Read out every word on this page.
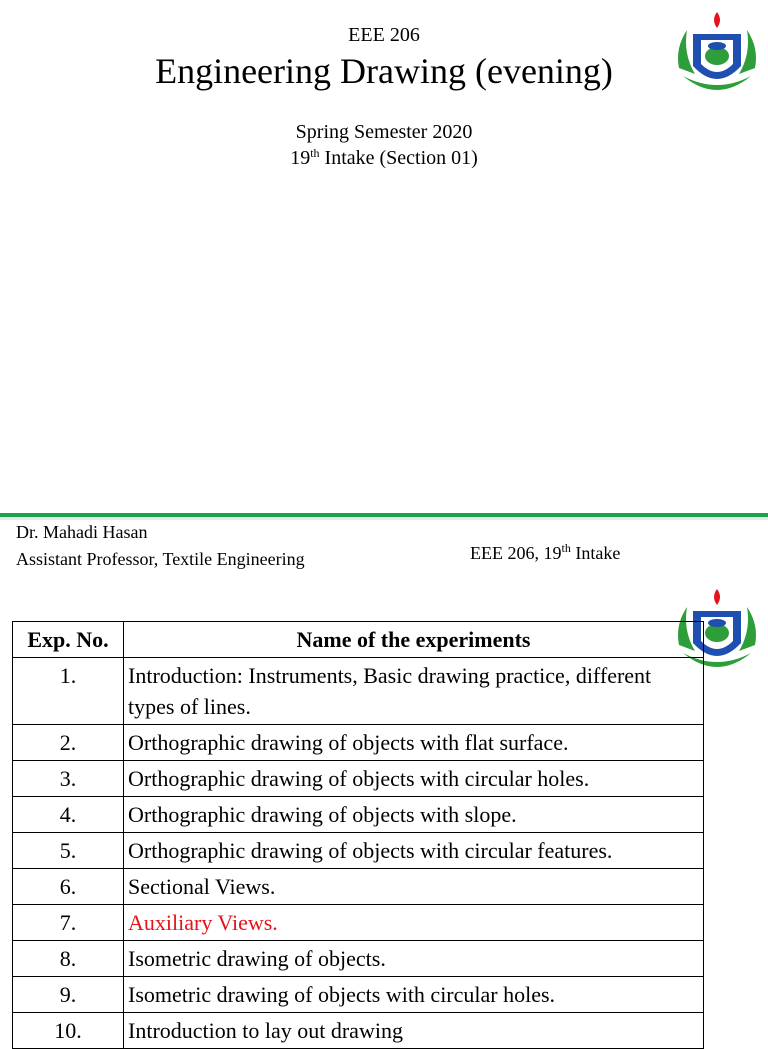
EEE 206
Engineering Drawing (evening)
Spring Semester 2020
19th Intake (Section 01)
Dr. Mahadi Hasan
Assistant Professor, Textile Engineering	EEE 206, 19th Intake
Exp. No.	Name of the experiments
1.	Introduction: Instruments, Basic drawing practice, different types of lines.
2.	Orthographic drawing of objects with flat surface.
3.	Orthographic drawing of objects with circular holes.
4.	Orthographic drawing of objects with slope.
5.	Orthographic drawing of objects with circular features.
6.	Sectional Views.
7.	Auxiliary Views.
8.	Isometric drawing of objects.
9.	Isometric drawing of objects with circular holes.
10.	Introduction to lay out drawing
